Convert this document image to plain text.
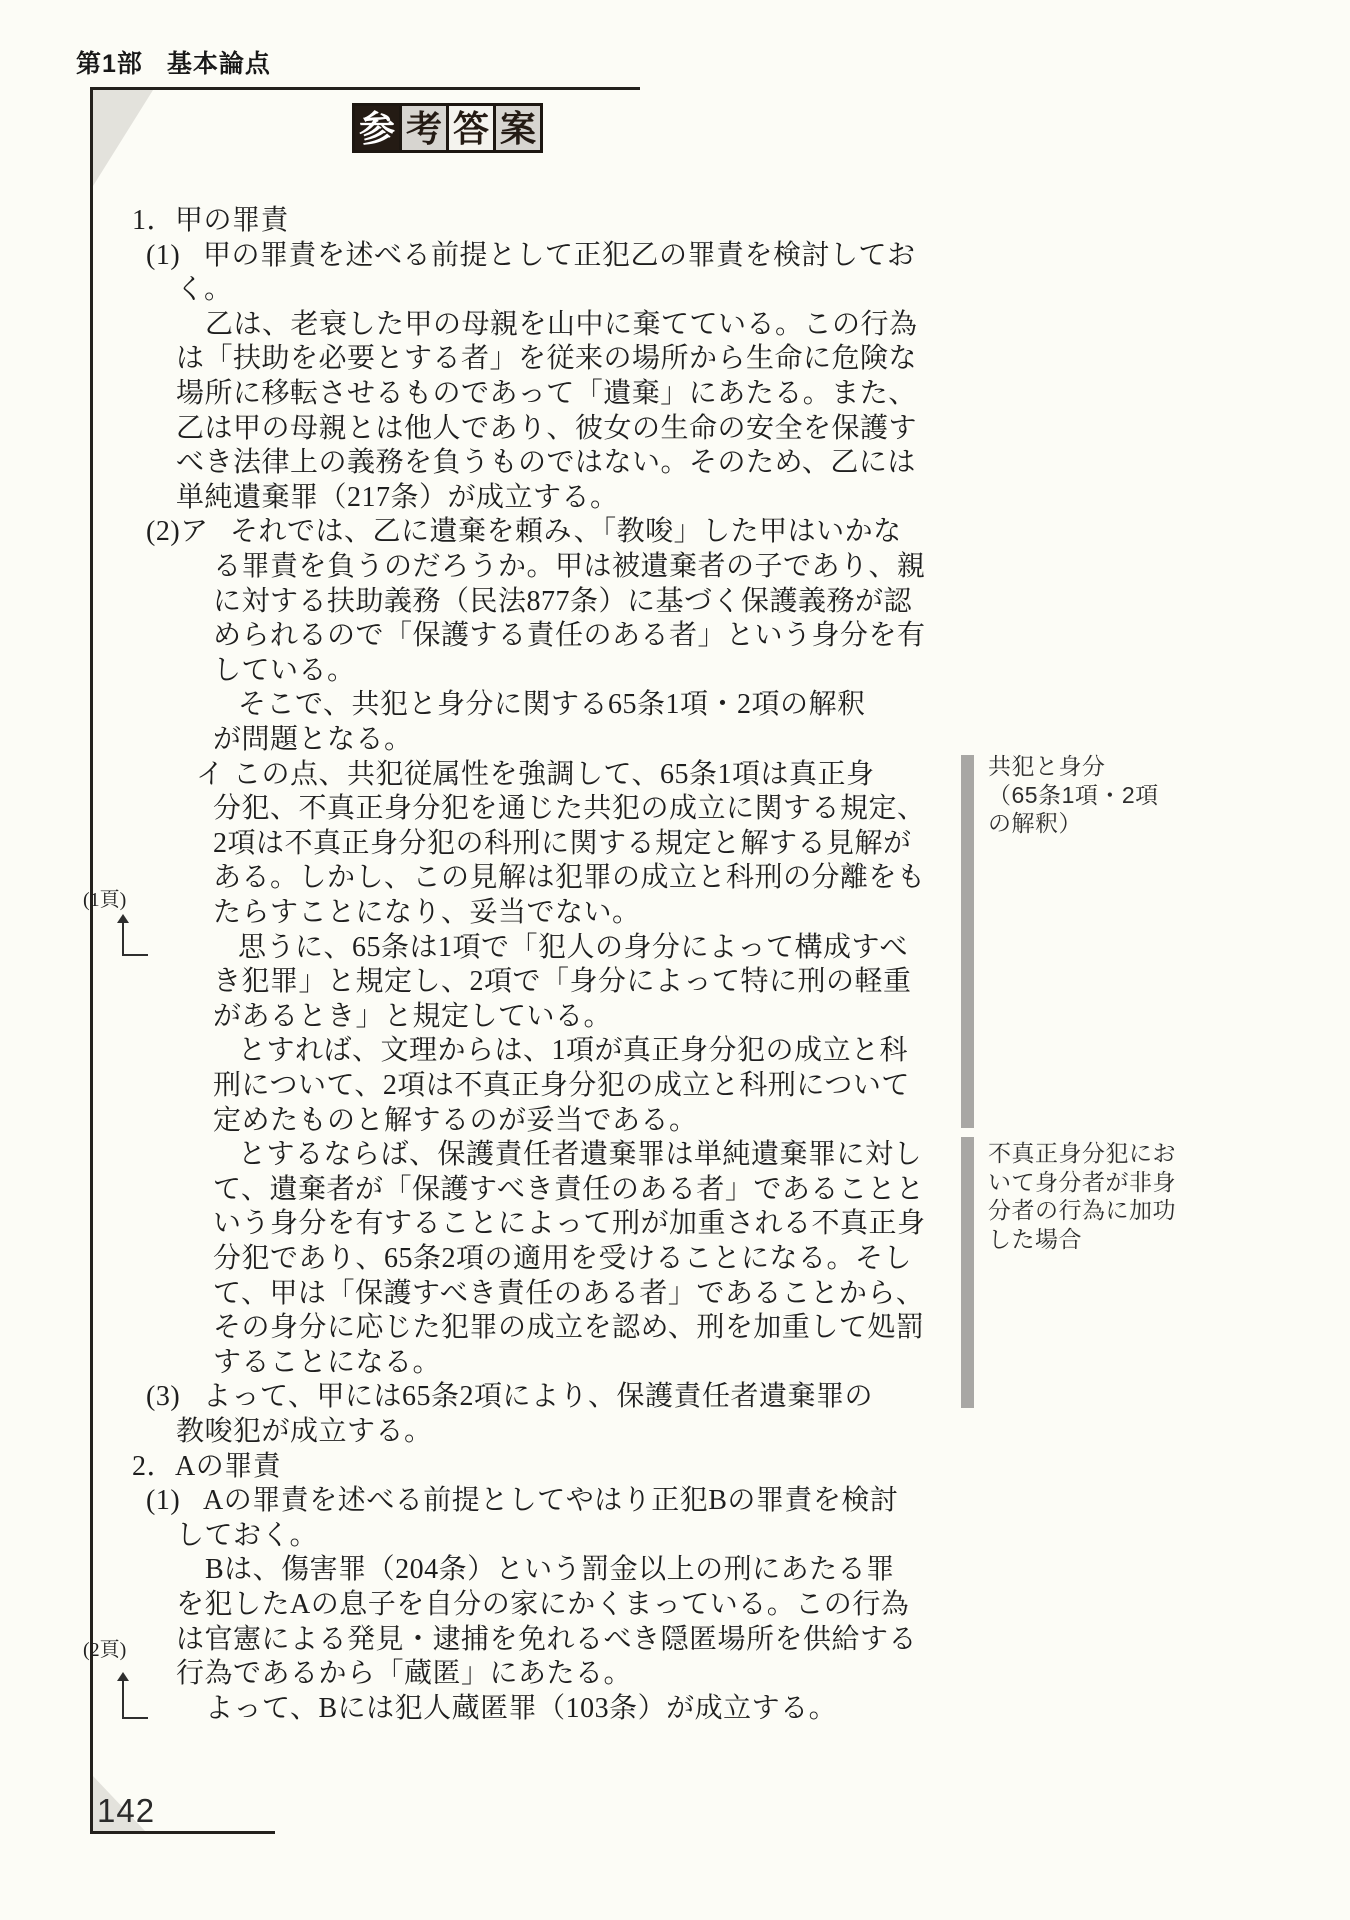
第1部 基本論点
参 考 答 案
1．甲の罪責
(1) 甲の罪責を述べる前提として正犯乙の罪責を検討してお
く。
乙は、老衰した甲の母親を山中に棄てている。この行為
は「扶助を必要とする者」を従来の場所から生命に危険な
場所に移転させるものであって「遺棄」にあたる。また、
乙は甲の母親とは他人であり、彼女の生命の安全を保護す
べき法律上の義務を負うものではない。そのため、乙には
単純遺棄罪（217条）が成立する。
(2)ア それでは、乙に遺棄を頼み、「教唆」した甲はいかな
る罪責を負うのだろうか。甲は被遺棄者の子であり、親
に対する扶助義務（民法877条）に基づく保護義務が認
められるので「保護する責任のある者」という身分を有
している。
そこで、共犯と身分に関する65条1項・2項の解釈
が問題となる。
イ この点、共犯従属性を強調して、65条1項は真正身
分犯、不真正身分犯を通じた共犯の成立に関する規定、
2項は不真正身分犯の科刑に関する規定と解する見解が
ある。しかし、この見解は犯罪の成立と科刑の分離をも
たらすことになり、妥当でない。
思うに、65条は1項で「犯人の身分によって構成すべ
き犯罪」と規定し、2項で「身分によって特に刑の軽重
があるとき」と規定している。
とすれば、文理からは、1項が真正身分犯の成立と科
刑について、2項は不真正身分犯の成立と科刑について
定めたものと解するのが妥当である。
とするならば、保護責任者遺棄罪は単純遺棄罪に対し
て、遺棄者が「保護すべき責任のある者」であることと
いう身分を有することによって刑が加重される不真正身
分犯であり、65条2項の適用を受けることになる。そし
て、甲は「保護すべき責任のある者」であることから、
その身分に応じた犯罪の成立を認め、刑を加重して処罰
することになる。
(3) よって、甲には65条2項により、保護責任者遺棄罪の
教唆犯が成立する。
2．Aの罪責
(1) Aの罪責を述べる前提としてやはり正犯Bの罪責を検討
しておく。
Bは、傷害罪（204条）という罰金以上の刑にあたる罪
を犯したAの息子を自分の家にかくまっている。この行為
は官憲による発見・逮捕を免れるべき隠匿場所を供給する
行為であるから「蔵匿」にあたる。
よって、Bには犯人蔵匿罪（103条）が成立する。
共犯と身分
（65条1項・2項
の解釈）
不真正身分犯にお
いて身分者が非身
分者の行為に加功
した場合
(1頁)
(2頁)
142
